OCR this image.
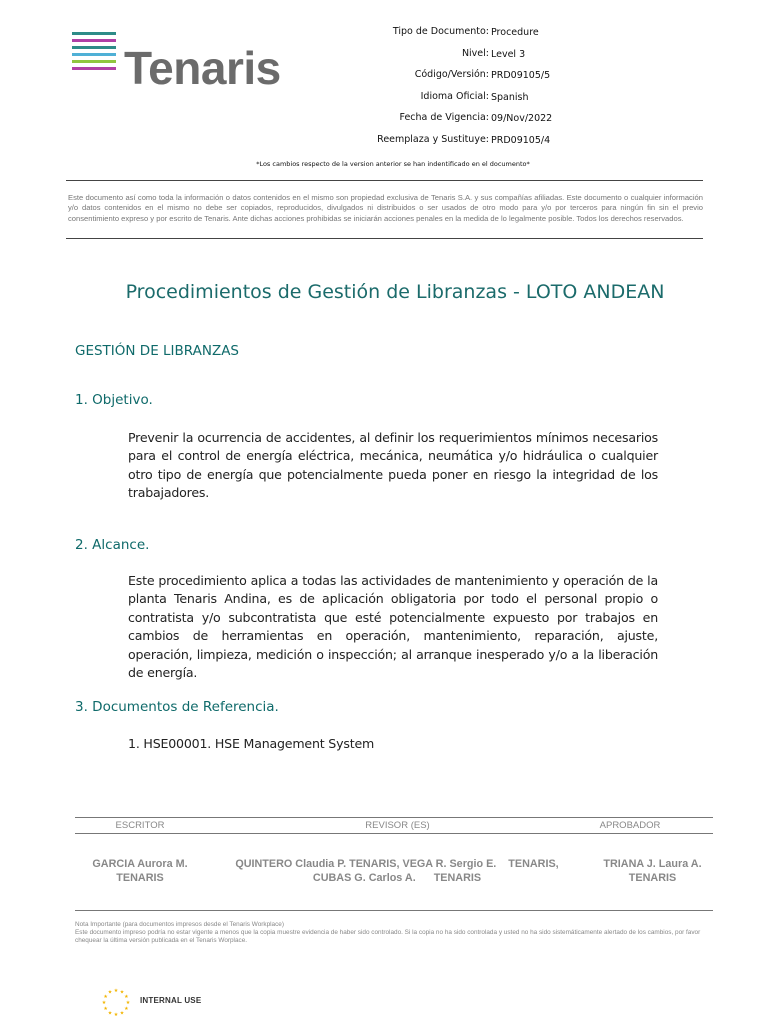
Tenaris
Tipo de Documento: Procedure
Nivel: Level 3
Código/Versión: PRD09105/5
Idioma Oficial: Spanish
Fecha de Vigencia: 09/Nov/2022
Reemplaza y Sustituye: PRD09105/4
*Los cambios respecto de la version anterior se han indentificado en el documento*
Este documento así como toda la información o datos contenidos en el mismo son propiedad exclusiva de Tenaris S.A. y sus compañías afiliadas. Este documento o cualquier información y/o datos contenidos en el mismo no debe ser copiados, reproducidos, divulgados ni distribuidos o ser usados de otro modo para y/o por terceros para ningún fin sin el previo consentimiento expreso y por escrito de Tenaris. Ante dichas acciones prohibidas se iniciarán acciones penales en la medida de lo legalmente posible. Todos los derechos reservados.
Procedimientos de Gestión de Libranzas - LOTO ANDEAN
GESTIÓN DE LIBRANZAS
1. Objetivo.
Prevenir la ocurrencia de accidentes, al definir los requerimientos mínimos necesarios para el control de energía eléctrica, mecánica, neumática y/o hidráulica o cualquier otro tipo de energía que potencialmente pueda poner en riesgo la integridad de los trabajadores.
2. Alcance.
Este procedimiento aplica a todas las actividades de mantenimiento y operación de la planta Tenaris Andina, es de aplicación obligatoria por todo el personal propio o contratista y/o subcontratista que esté potencialmente expuesto por trabajos en cambios de herramientas en operación, mantenimiento, reparación, ajuste, operación, limpieza, medición o inspección; al arranque inesperado y/o a la liberación de energía.
3. Documentos de Referencia.
1. HSE00001. HSE Management System
ESCRITOR	REVISOR (ES)	APROBADOR
GARCIA Aurora M.
TENARIS
QUINTERO Claudia P. TENARIS, VEGA R. Sergio E.    TENARIS,
CUBAS G. Carlos A.      TENARIS
TRIANA J. Laura A.
TENARIS
Nota Importante (para documentos impresos desde el Tenaris Workplace)
Este documento impreso podría no estar vigente a menos que la copia muestre evidencia de haber sido controlado. Si la copia no ha sido controlada y usted no ha sido sistemáticamente alertado de los cambios, por favor chequear la última versión publicada en el Tenaris Worplace.
★
★
★
★
★
★
★
★
★ ★ ★
★ INTERNAL USE
